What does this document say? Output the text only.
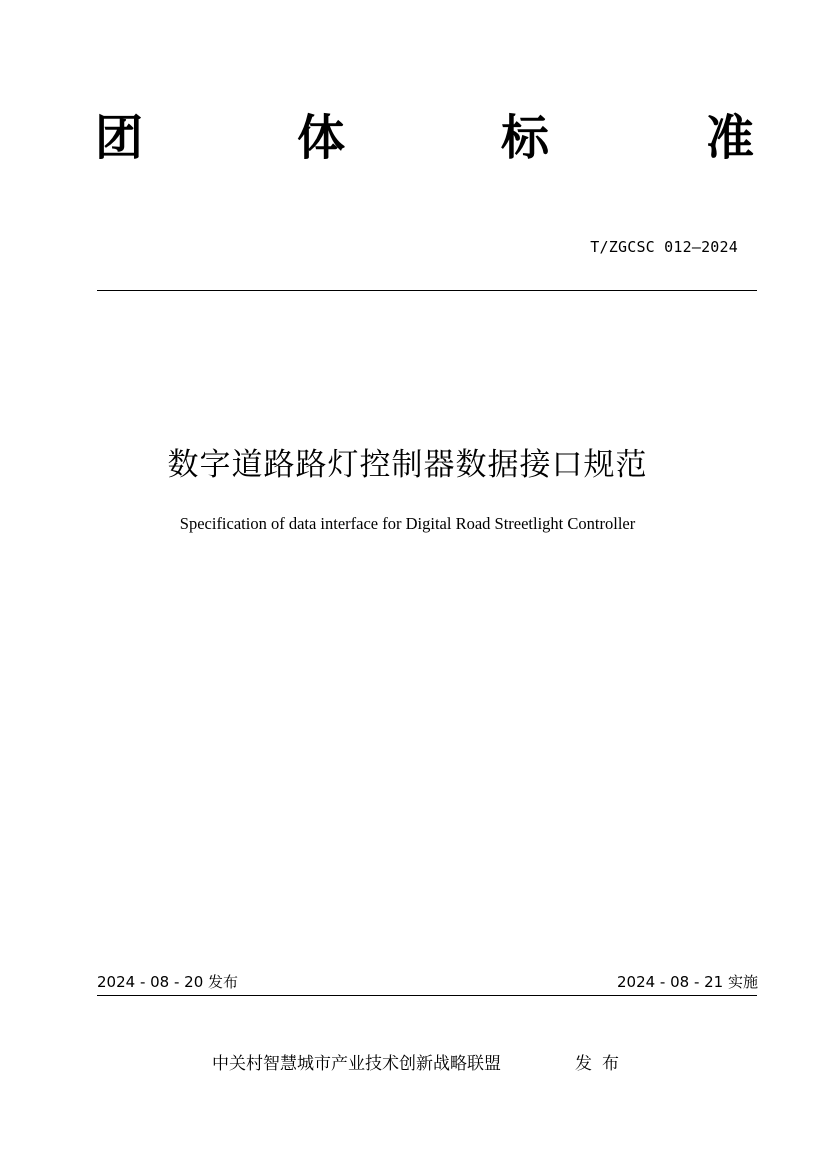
团	体	标	准
T/ZGCSC 012—2024
数字道路路灯控制器数据接口规范
Specification of data interface for Digital Road Streetlight Controller
2024 - 08 - 20 发布	2024 - 08 - 21 实施
中关村智慧城市产业技术创新战略联盟	发布
